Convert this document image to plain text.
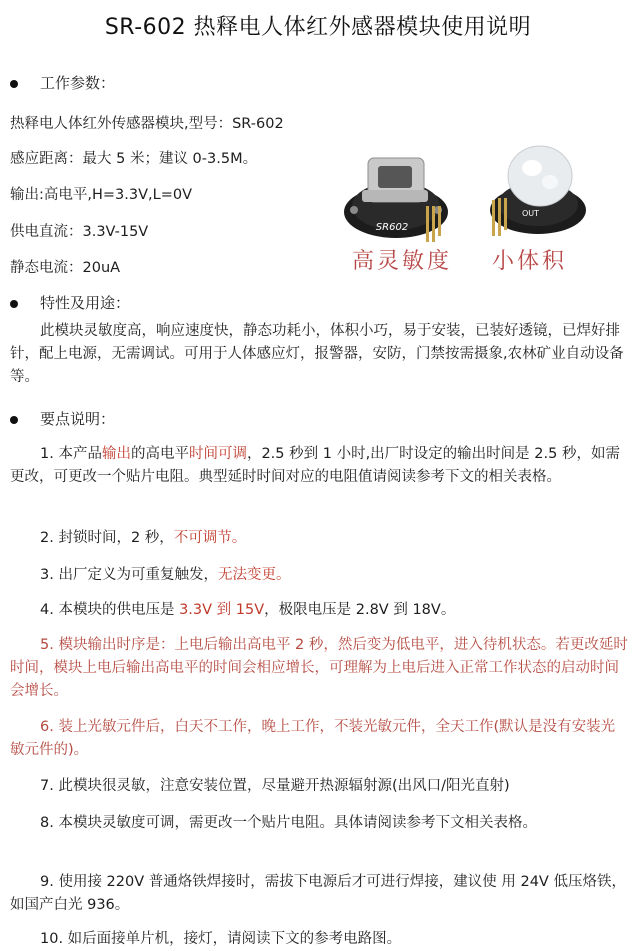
SR-602 热释电人体红外感器模块使用说明
工作参数：
热释电人体红外传感器模块,型号：SR-602
感应距离：最大 5 米；建议 0-3.5M。
输出:高电平,H=3.3V,L=0V
供电直流：3.3V-15V
静态电流：20uA
SR602
OUT
高灵敏度 小体积
特性及用途：
此模块灵敏度高，响应速度快，静态功耗小，体积小巧，易于安装，已装好透镜，已焊好排针，配上电源，无需调试。可用于人体感应灯，报警器，安防，门禁按需摄象,农林矿业自动设备等。
要点说明：
1. 本产品输出的高电平时间可调，2.5 秒到 1 小时,出厂时设定的输出时间是 2.5 秒，如需更改，可更改一个贴片电阻。典型延时时间对应的电阻值请阅读参考下文的相关表格。
2. 封锁时间，2 秒，不可调节。
3. 出厂定义为可重复触发，无法变更。
4. 本模块的供电压是 3.3V 到 15V，极限电压是 2.8V 到 18V。
5. 模块输出时序是：上电后输出高电平 2 秒，然后变为低电平，进入待机状态。若更改延时时间，模块上电后输出高电平的时间会相应增长，可理解为上电后进入正常工作状态的启动时间会增长。
6. 装上光敏元件后，白天不工作，晚上工作，不装光敏元件，全天工作(默认是没有安装光敏元件的)。
7. 此模块很灵敏，注意安装位置，尽量避开热源辐射源(出风口/阳光直射)
8. 本模块灵敏度可调，需更改一个贴片电阻。具体请阅读参考下文相关表格。
9. 使用接 220V 普通烙铁焊接时，需拔下电源后才可进行焊接，建议使 用 24V 低压烙铁，如国产白光 936。
10. 如后面接单片机，接灯，请阅读下文的参考电路图。
